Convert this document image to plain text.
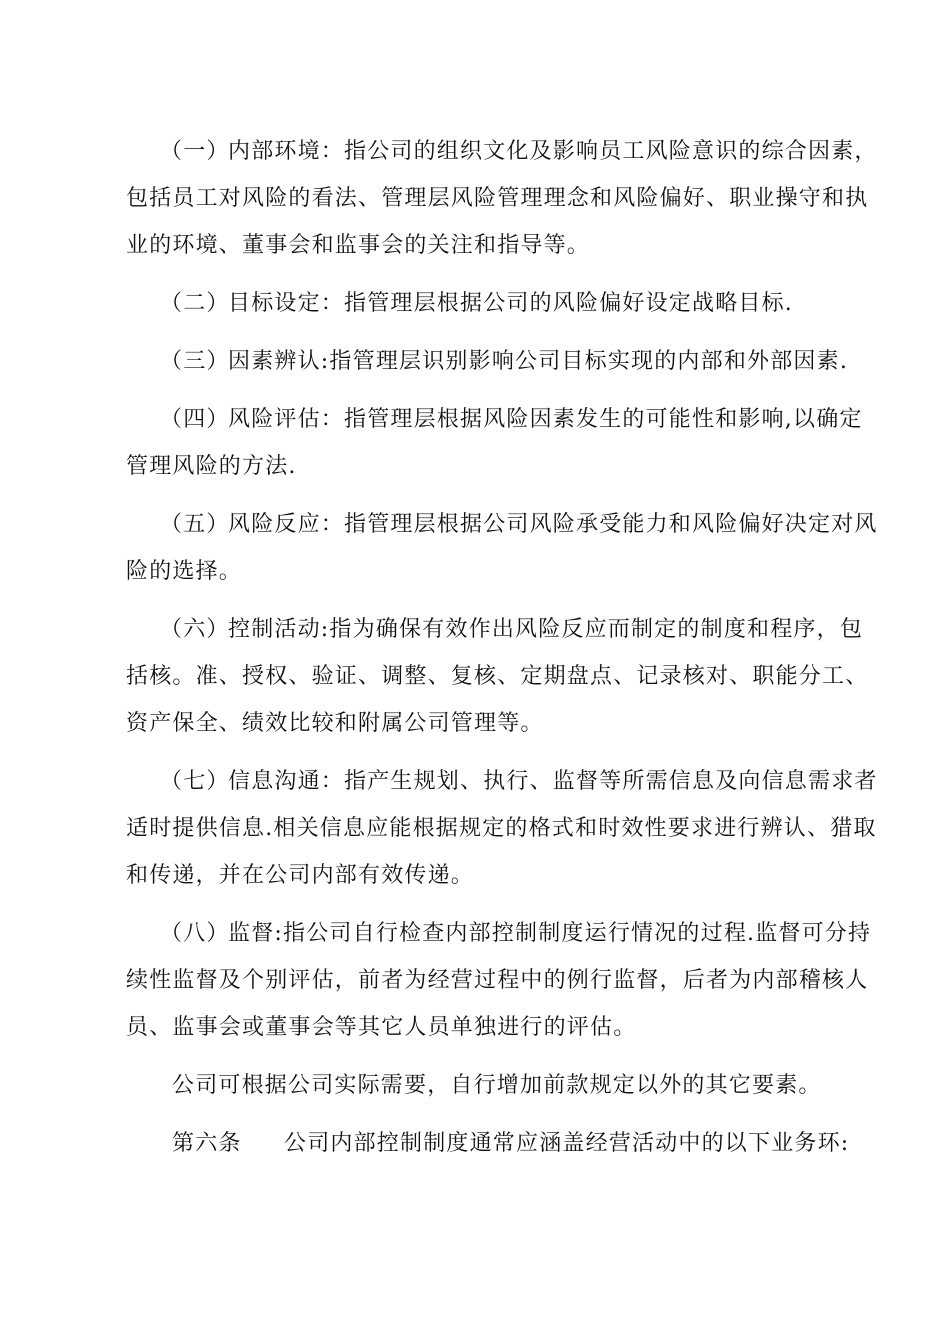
（一）内部环境：指公司的组织文化及影响员工风险意识的综合因素，
包括员工对风险的看法、管理层风险管理理念和风险偏好、职业操守和执
业的环境、董事会和监事会的关注和指导等。

（二）目标设定：指管理层根据公司的风险偏好设定战略目标.

（三）因素辨认:指管理层识别影响公司目标实现的内部和外部因素.

（四）风险评估：指管理层根据风险因素发生的可能性和影响,以确定
管理风险的方法.

（五）风险反应：指管理层根据公司风险承受能力和风险偏好决定对风
险的选择。

（六）控制活动:指为确保有效作出风险反应而制定的制度和程序，包
括核。准、授权、验证、调整、复核、定期盘点、记录核对、职能分工、
资产保全、绩效比较和附属公司管理等。

（七）信息沟通：指产生规划、执行、监督等所需信息及向信息需求者
适时提供信息.相关信息应能根据规定的格式和时效性要求进行辨认、猎取
和传递，并在公司内部有效传递。

（八）监督:指公司自行检查内部控制制度运行情况的过程.监督可分持
续性监督及个别评估，前者为经营过程中的例行监督，后者为内部稽核人
员、监事会或董事会等其它人员单独进行的评估。

公司可根据公司实际需要，自行增加前款规定以外的其它要素。

第六条 公司内部控制制度通常应涵盖经营活动中的以下业务环:
